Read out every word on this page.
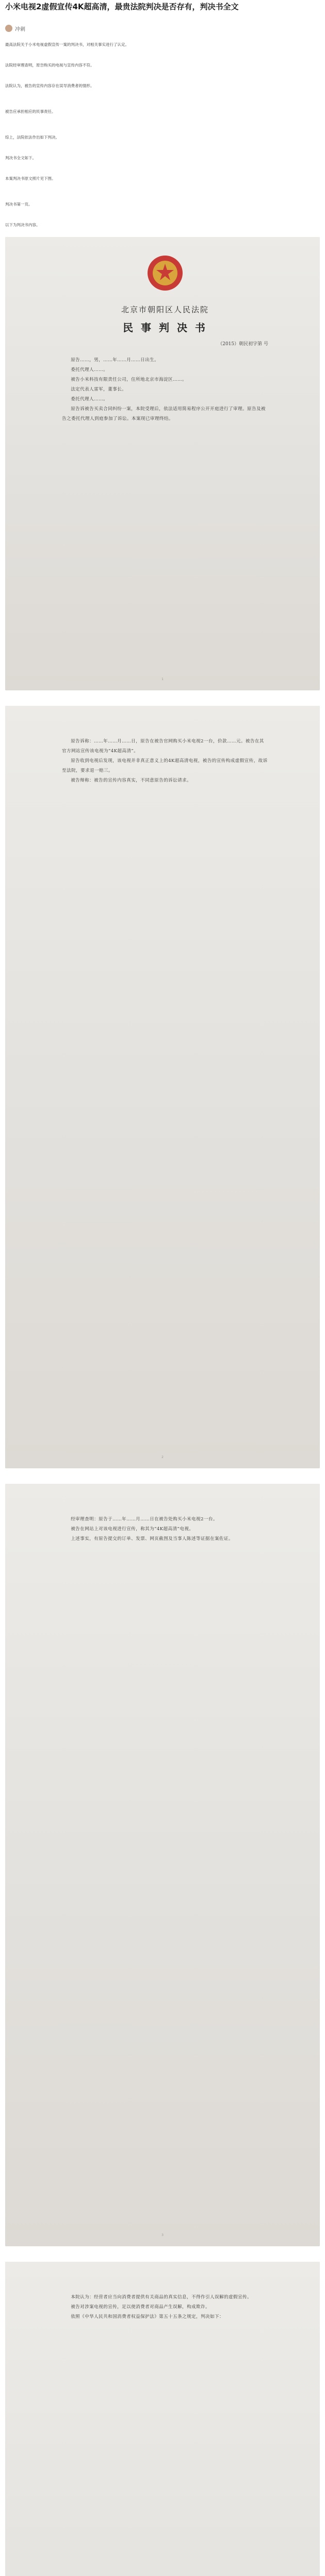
小米电视2虚假宣传4K超高清，最贵法院判决是否存有，判决书全文
冲刺

最高法院关于小米电视虚假宣传一案的判决书，对相关事实进行了认定。

法院经审理查明，原告购买的电视与宣传内容不符。

法院认为，被告的宣传内容存在误导消费者的情形。

被告应承担相应的民事责任。

综上，法院依法作出如下判决。

判决书全文如下。

本案判决书原文照片见下图。

判决书第一页。

以下为判决书内容。

北京市朝阳区人民法院
民 事 判 决 书
（2015）朝民初字第 号

原告……，男，……年……月……日出生。

委托代理人……。

被告小米科技有限责任公司，住所地北京市海淀区……。

法定代表人雷军，董事长。

委托代理人……。

原告诉被告买卖合同纠纷一案，本院受理后，依法适用简易程序公开开庭进行了审理。原告及被告之委托代理人到庭参加了诉讼。本案现已审理终结。

1

原告诉称：……年……月……日，原告在被告官网购买小米电视2一台，价款……元。被告在其官方网站宣传该电视为“4K超高清”。

原告收到电视后发现，该电视并非真正意义上的4K超高清电视，被告的宣传构成虚假宣传，故诉至法院，要求退一赔三。

被告辩称：被告的宣传内容真实，不同意原告的诉讼请求。

2

经审理查明：原告于……年……月……日在被告处购买小米电视2一台。

被告在网站上对该电视进行宣传，称其为“4K超高清”电视。

上述事实，有原告提交的订单、发票、网页截图及当事人陈述等证据在案佐证。

3

本院认为：经营者应当向消费者提供有关商品的真实信息，不得作引人误解的虚假宣传。

被告对涉案电视的宣传，足以使消费者对商品产生误解，构成欺诈。

依照《中华人民共和国消费者权益保护法》第五十五条之规定，判决如下：
